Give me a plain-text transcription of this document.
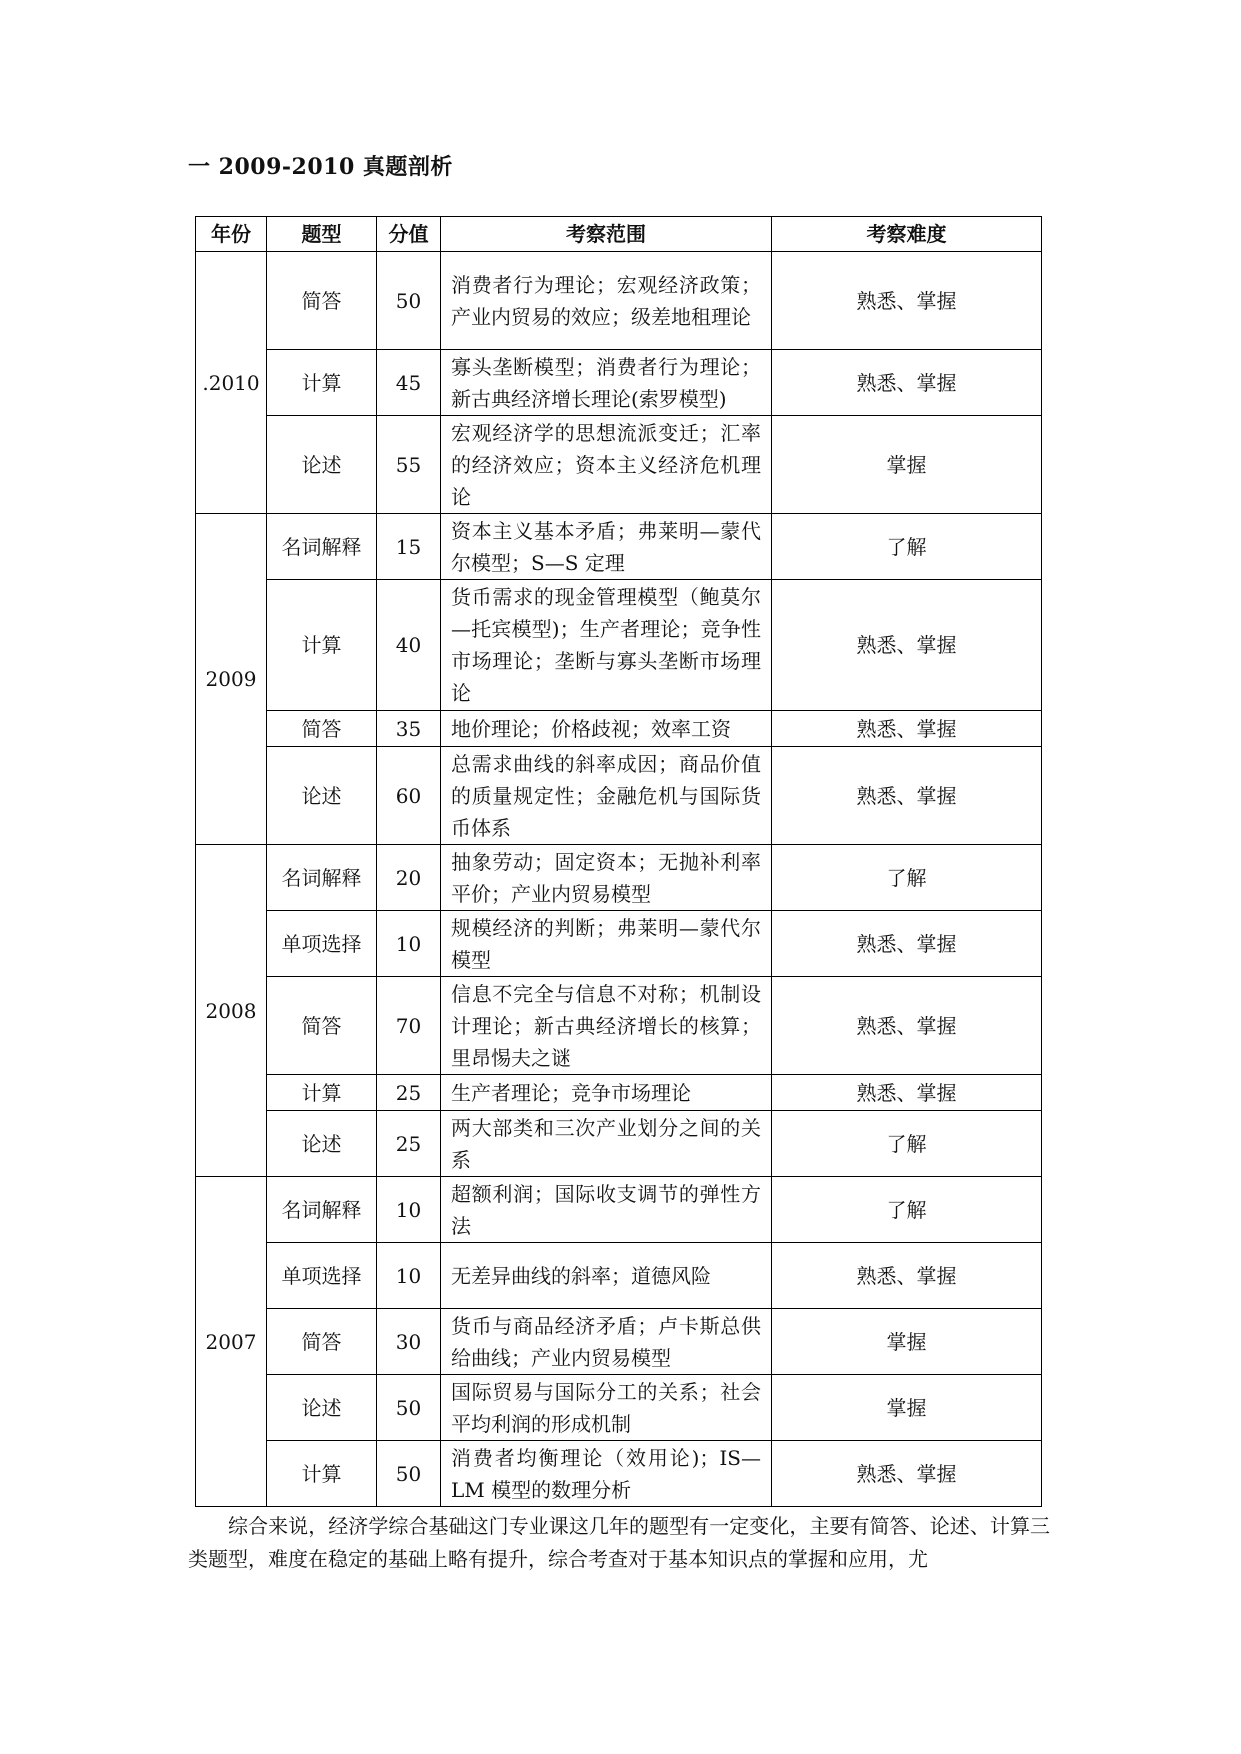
一 2009-2010 真题剖析
年份	题型	分值	考察范围	考察难度
.2010	简答	50	消费者行为理论；宏观经济政策；产业内贸易的效应；级差地租理论	熟悉、掌握
	计算	45	寡头垄断模型；消费者行为理论；新古典经济增长理论(索罗模型)	熟悉、掌握
	论述	55	宏观经济学的思想流派变迁；汇率的经济效应；资本主义经济危机理论	掌握
2009	名词解释	15	资本主义基本矛盾；弗莱明—蒙代尔模型；S—S 定理	了解
	计算	40	货币需求的现金管理模型（鲍莫尔—托宾模型)；生产者理论；竞争性市场理论；垄断与寡头垄断市场理论	熟悉、掌握
	简答	35	地价理论；价格歧视；效率工资	熟悉、掌握
	论述	60	总需求曲线的斜率成因；商品价值的质量规定性；金融危机与国际货币体系	熟悉、掌握
2008	名词解释	20	抽象劳动；固定资本；无抛补利率平价；产业内贸易模型	了解
	单项选择	10	规模经济的判断；弗莱明—蒙代尔模型	熟悉、掌握
	简答	70	信息不完全与信息不对称；机制设计理论；新古典经济增长的核算；里昂惕夫之谜	熟悉、掌握
	计算	25	生产者理论；竞争市场理论	熟悉、掌握
	论述	25	两大部类和三次产业划分之间的关系	了解
2007	名词解释	10	超额利润；国际收支调节的弹性方法	了解
	单项选择	10	无差异曲线的斜率；道德风险	熟悉、掌握
	简答	30	货币与商品经济矛盾；卢卡斯总供给曲线；产业内贸易模型	掌握
	论述	50	国际贸易与国际分工的关系；社会平均利润的形成机制	掌握
	计算	50	消费者均衡理论（效用论)；IS—LM 模型的数理分析	熟悉、掌握

综合来说，经济学综合基础这门专业课这几年的题型有一定变化，主要有简答、论述、计算三类题型，难度在稳定的基础上略有提升，综合考查对于基本知识点的掌握和应用，尤
